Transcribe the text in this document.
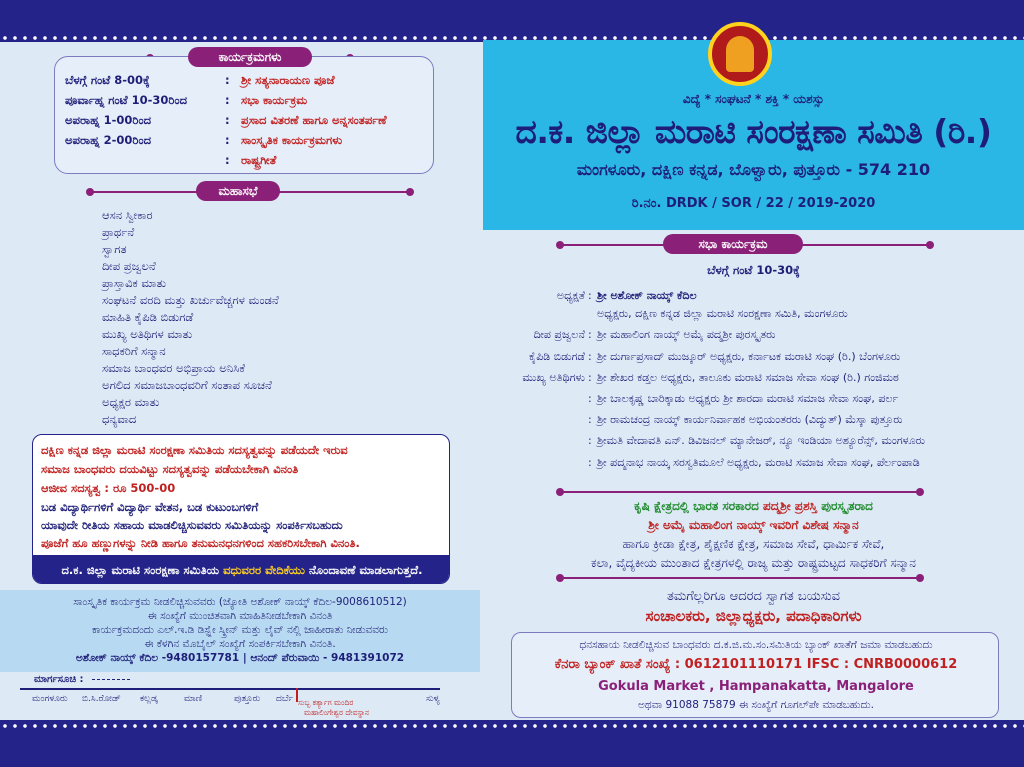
ಬೆಳಗ್ಗೆ ಗಂಟೆ 8-00ಕ್ಕೆ	: ಶ್ರೀ ಸತ್ಯನಾರಾಯಣ ಪೂಜೆ
ಪೂರ್ವಾಹ್ನ ಗಂಟೆ 10-30ರಿಂದ	: ಸಭಾ ಕಾರ್ಯಕ್ರಮ
ಅಪರಾಹ್ನ 1-00ರಿಂದ	: ಪ್ರಸಾದ ವಿತರಣೆ ಹಾಗೂ ಅನ್ನಸಂತರ್ಪಣೆ
ಅಪರಾಹ್ನ 2-00ರಿಂದ	: ಸಾಂಸ್ಕೃತಿಕ ಕಾರ್ಯಕ್ರಮಗಳು
: ರಾಷ್ಟ್ರಗೀತೆ
ಕಾರ್ಯಕ್ರಮಗಳು
ಮಹಾಸಭೆ
ಆಸನ ಸ್ವೀಕಾರ
ಪ್ರಾರ್ಥನೆ
ಸ್ವಾಗತ
ದೀಪ ಪ್ರಜ್ವಲನೆ
ಪ್ರಾಸ್ತಾವಿಕ ಮಾತು
ಸಂಘಟನೆ ವರದಿ ಮತ್ತು ಖರ್ಚುವೆಚ್ಚಗಳ ಮಂಡನೆ
ಮಾಹಿತಿ ಕೈಪಿಡಿ ಬಿಡುಗಡೆ
ಮುಖ್ಯ ಅತಿಥಿಗಳ ಮಾತು
ಸಾಧಕರಿಗೆ ಸನ್ಮಾನ
ಸಮಾಜ ಬಾಂಧವರ ಅಭಿಪ್ರಾಯ ಅನಿಸಿಕೆ
ಅಗಲಿದ ಸಮಾಜಬಾಂಧವರಿಗೆ ಸಂತಾಪ ಸೂಚನೆ
ಅಧ್ಯಕ್ಷರ ಮಾತು
ಧನ್ಯವಾದ
ದಕ್ಷಿಣ ಕನ್ನಡ ಜಿಲ್ಲಾ ಮರಾಟಿ ಸಂರಕ್ಷಣಾ ಸಮಿತಿಯ ಸದಸ್ಯತ್ವವನ್ನು ಪಡೆಯದೇ ಇರುವ
ಸಮಾಜ ಬಾಂಧವರು ದಯವಿಟ್ಟು ಸದಸ್ಯತ್ವವನ್ನು ಪಡೆಯಬೇಕಾಗಿ ವಿನಂತಿ
ಆಜೀವ ಸದಸ್ಯತ್ವ : ರೂ 500-00
ಬಡ ವಿದ್ಯಾರ್ಥಿಗಳಿಗೆ ವಿದ್ಯಾರ್ಥಿ ವೇತನ, ಬಡ ಕುಟುಂಬಗಳಿಗೆ
ಯಾವುದೇ ರೀತಿಯ ಸಹಾಯ ಮಾಡಲಿಚ್ಚಿಸುವವರು ಸಮಿತಿಯನ್ನು ಸಂಪರ್ಕಿಸಬಹುದು
ಪೂಜೆಗೆ ಹೂ ಹಣ್ಣುಗಳನ್ನು ನೀಡಿ ಹಾಗೂ ತನುಮನಧನಗಳಿಂದ ಸಹಕರಿಸಬೇಕಾಗಿ ವಿನಂತಿ.
ದ.ಕ. ಜಿಲ್ಲಾ ಮರಾಟಿ ಸಂರಕ್ಷಣಾ ಸಮಿತಿಯ ವಧುವರರ ವೇದಿಕೆಯು ನೊಂದಾವಣೆ ಮಾಡಲಾಗುತ್ತದೆ.
ಸಾಂಸ್ಕೃತಿಕ ಕಾರ್ಯಕ್ರಮ ನೀಡಲಿಚ್ಚಿಸುವವರು (ಜ್ಯೋತಿ ಅಶೋಕ್ ನಾಯ್ಕ್ ಕೆದಿಲ-9008610512)
ಈ ಸಂಖ್ಯೆಗೆ ಮುಂಚಿತವಾಗಿ ಮಾಹಿತಿನೀಡಬೇಕಾಗಿ ವಿನಂತಿ
ಕಾರ್ಯಕ್ರಮದಂದು ಎಲ್.ಇ.ಡಿ ಡಿಸ್ಪ್ಲೇ ಸ್ಕ್ರೀನ್ ಮತ್ತು ಲೈವ್ ನಲ್ಲಿ ಜಾಹೀರಾತು ನೀಡುವವರು
ಈ ಕೆಳಗಿನ ಮೊಬೈಲ್ ಸಂಖ್ಯೆಗೆ ಸಂಪರ್ಕಿಸಬೇಕಾಗಿ ವಿನಂತಿ.
ಅಶೋಕ್ ನಾಯ್ಕ್ ಕೆದಿಲ -9480157781 | ಆನಂದ್ ಪೆರುವಾಯಿ - 9481391072
ಮಾರ್ಗಸೂಚಿ :
ಮಂಗಳೂರು ಬಿ.ಸಿ.ರೋಡ್ ಕಲ್ಲಡ್ಕ	ಮಾಣಿ	ಪುತ್ತೂರು ದರ್ಬೆ	ಸುಳ್ಯ
ಸುಬ್ಬ ಕರ್ತ್ಯಾಗ ಮಂದಿರ
ಮಹಾಲಿಂಗೇಶ್ವರ ದೇವಸ್ಥಾನ
ವಿದ್ಯೆ * ಸಂಘಟನೆ * ಶಕ್ತಿ * ಯಶಸ್ಸು
ದ.ಕ. ಜಿಲ್ಲಾ ಮರಾಟಿ ಸಂರಕ್ಷಣಾ ಸಮಿತಿ (ರಿ.)
ಮಂಗಳೂರು, ದಕ್ಷಿಣ ಕನ್ನಡ, ಬೊಳ್ವಾರು, ಪುತ್ತೂರು - 574 210
ರಿ.ನಂ. DRDK / SOR / 22 / 2019-2020
ಸಭಾ ಕಾರ್ಯಕ್ರಮ
ಬೆಳಗ್ಗೆ ಗಂಟೆ 10-30ಕ್ಕೆ
ಅಧ್ಯಕ್ಷತೆ : ಶ್ರೀ ಅಶೋಕ್ ನಾಯ್ಕ್ ಕೆದಿಲ
ಅಧ್ಯಕ್ಷರು, ದಕ್ಷಿಣ ಕನ್ನಡ ಜಿಲ್ಲಾ ಮರಾಟಿ ಸಂರಕ್ಷಣಾ ಸಮಿತಿ, ಮಂಗಳೂರು
ದೀಪ ಪ್ರಜ್ವಲನೆ : ಶ್ರೀ ಮಹಾಲಿಂಗ ನಾಯ್ಕ್ ಅಮೈ ಪದ್ಮಶ್ರೀ ಪುರಸ್ಕೃತರು
ಕೈಪಿಡಿ ಬಿಡುಗಡೆ : ಶ್ರೀ ದುರ್ಗಾಪ್ರಸಾದ್ ಮುಜ್ಕೂರ್ ಅಧ್ಯಕ್ಷರು, ಕರ್ನಾಟಕ ಮರಾಟಿ ಸಂಘ (ರಿ.) ಬೆಂಗಳೂರು
ಮುಖ್ಯ ಅತಿಥಿಗಳು : ಶ್ರೀ ಶೇಖರ ಕಡ್ತಲ ಅಧ್ಯಕ್ಷರು, ತಾಲೂಕು ಮರಾಟಿ ಸಮಾಜ ಸೇವಾ ಸಂಘ (ರಿ.) ಗಂಜಿಮಠ
: ಶ್ರೀ ಬಾಲಕೃಷ್ಣ ಬಾರಿಕ್ಕಾಡು ಅಧ್ಯಕ್ಷರು ಶ್ರೀ ಶಾರದಾ ಮರಾಟಿ ಸಮಾಜ ಸೇವಾ ಸಂಘ, ಪರ್ಲ
: ಶ್ರೀ ರಾಮಚಂದ್ರ ನಾಯ್ಕ್ ಕಾರ್ಯನಿರ್ವಾಹಕ ಅಭಿಯಂತರರು (ವಿದ್ಯುತ್) ಮೆಸ್ಕಾ ಪುತ್ತೂರು
: ಶ್ರೀಮತಿ ವೇದಾವತಿ ಎನ್. ಡಿವಿಜನಲ್ ಮ್ಯಾನೇಜರ್, ನ್ಯೂ ಇಂಡಿಯಾ ಅಶ್ಯೂರೆನ್ಸ್, ಮಂಗಳೂರು
: ಶ್ರೀ ಪದ್ಮನಾಭ ನಾಯ್ಕ ಸರಸ್ವತಿಮೂಲೆ ಅಧ್ಯಕ್ಷರು, ಮರಾಟಿ ಸಮಾಜ ಸೇವಾ ಸಂಘ, ಪೆರ್ಲಂಪಾಡಿ
ಕೃಷಿ ಕ್ಷೇತ್ರದಲ್ಲಿ ಭಾರತ ಸರಕಾರದ ಪದ್ಮಶ್ರೀ ಪ್ರಶಸ್ತಿ ಪುರಸ್ಕೃತರಾದ
ಶ್ರೀ ಅಮೈ ಮಹಾಲಿಂಗ ನಾಯ್ಕ್ ಇವರಿಗೆ ವಿಶೇಷ ಸನ್ಮಾನ
ಹಾಗೂ ಕ್ರೀಡಾ ಕ್ಷೇತ್ರ, ಶೈಕ್ಷಣಿಕ ಕ್ಷೇತ್ರ, ಸಮಾಜ ಸೇವೆ, ಧಾರ್ಮಿಕ ಸೇವೆ,
ಕಲಾ, ವೈದ್ಯಕೀಯ ಮುಂತಾದ ಕ್ಷೇತ್ರಗಳಲ್ಲಿ ರಾಜ್ಯ ಮತ್ತು ರಾಷ್ಟ್ರಮಟ್ಟದ ಸಾಧಕರಿಗೆ ಸನ್ಮಾನ
ತಮಗೆಲ್ಲರಿಗೂ ಆದರದ ಸ್ವಾಗತ ಬಯಸುವ
ಸಂಚಾಲಕರು, ಜಿಲ್ಲಾಧ್ಯಕ್ಷರು, ಪದಾಧಿಕಾರಿಗಳು
ಧನಸಹಾಯ ನೀಡಲಿಚ್ಚಿಸುವ ಬಾಂಧವರು ದ.ಕ.ಜಿ.ಮ.ಸಂ.ಸಮಿತಿಯ ಬ್ಯಾಂಕ್ ಖಾತೆಗೆ ಜಮಾ ಮಾಡಬಹುದು
ಕೆನರಾ ಬ್ಯಾಂಕ್ ಖಾತೆ ಸಂಖ್ಯೆ : 0612101110171 IFSC : CNRB0000612
Gokula Market , Hampanakatta, Mangalore
ಅಥವಾ 91088 75879 ಈ ಸಂಖ್ಯೆಗೆ ಗೂಗಲ್‌ಪೇ ಮಾಡಬಹುದು.
